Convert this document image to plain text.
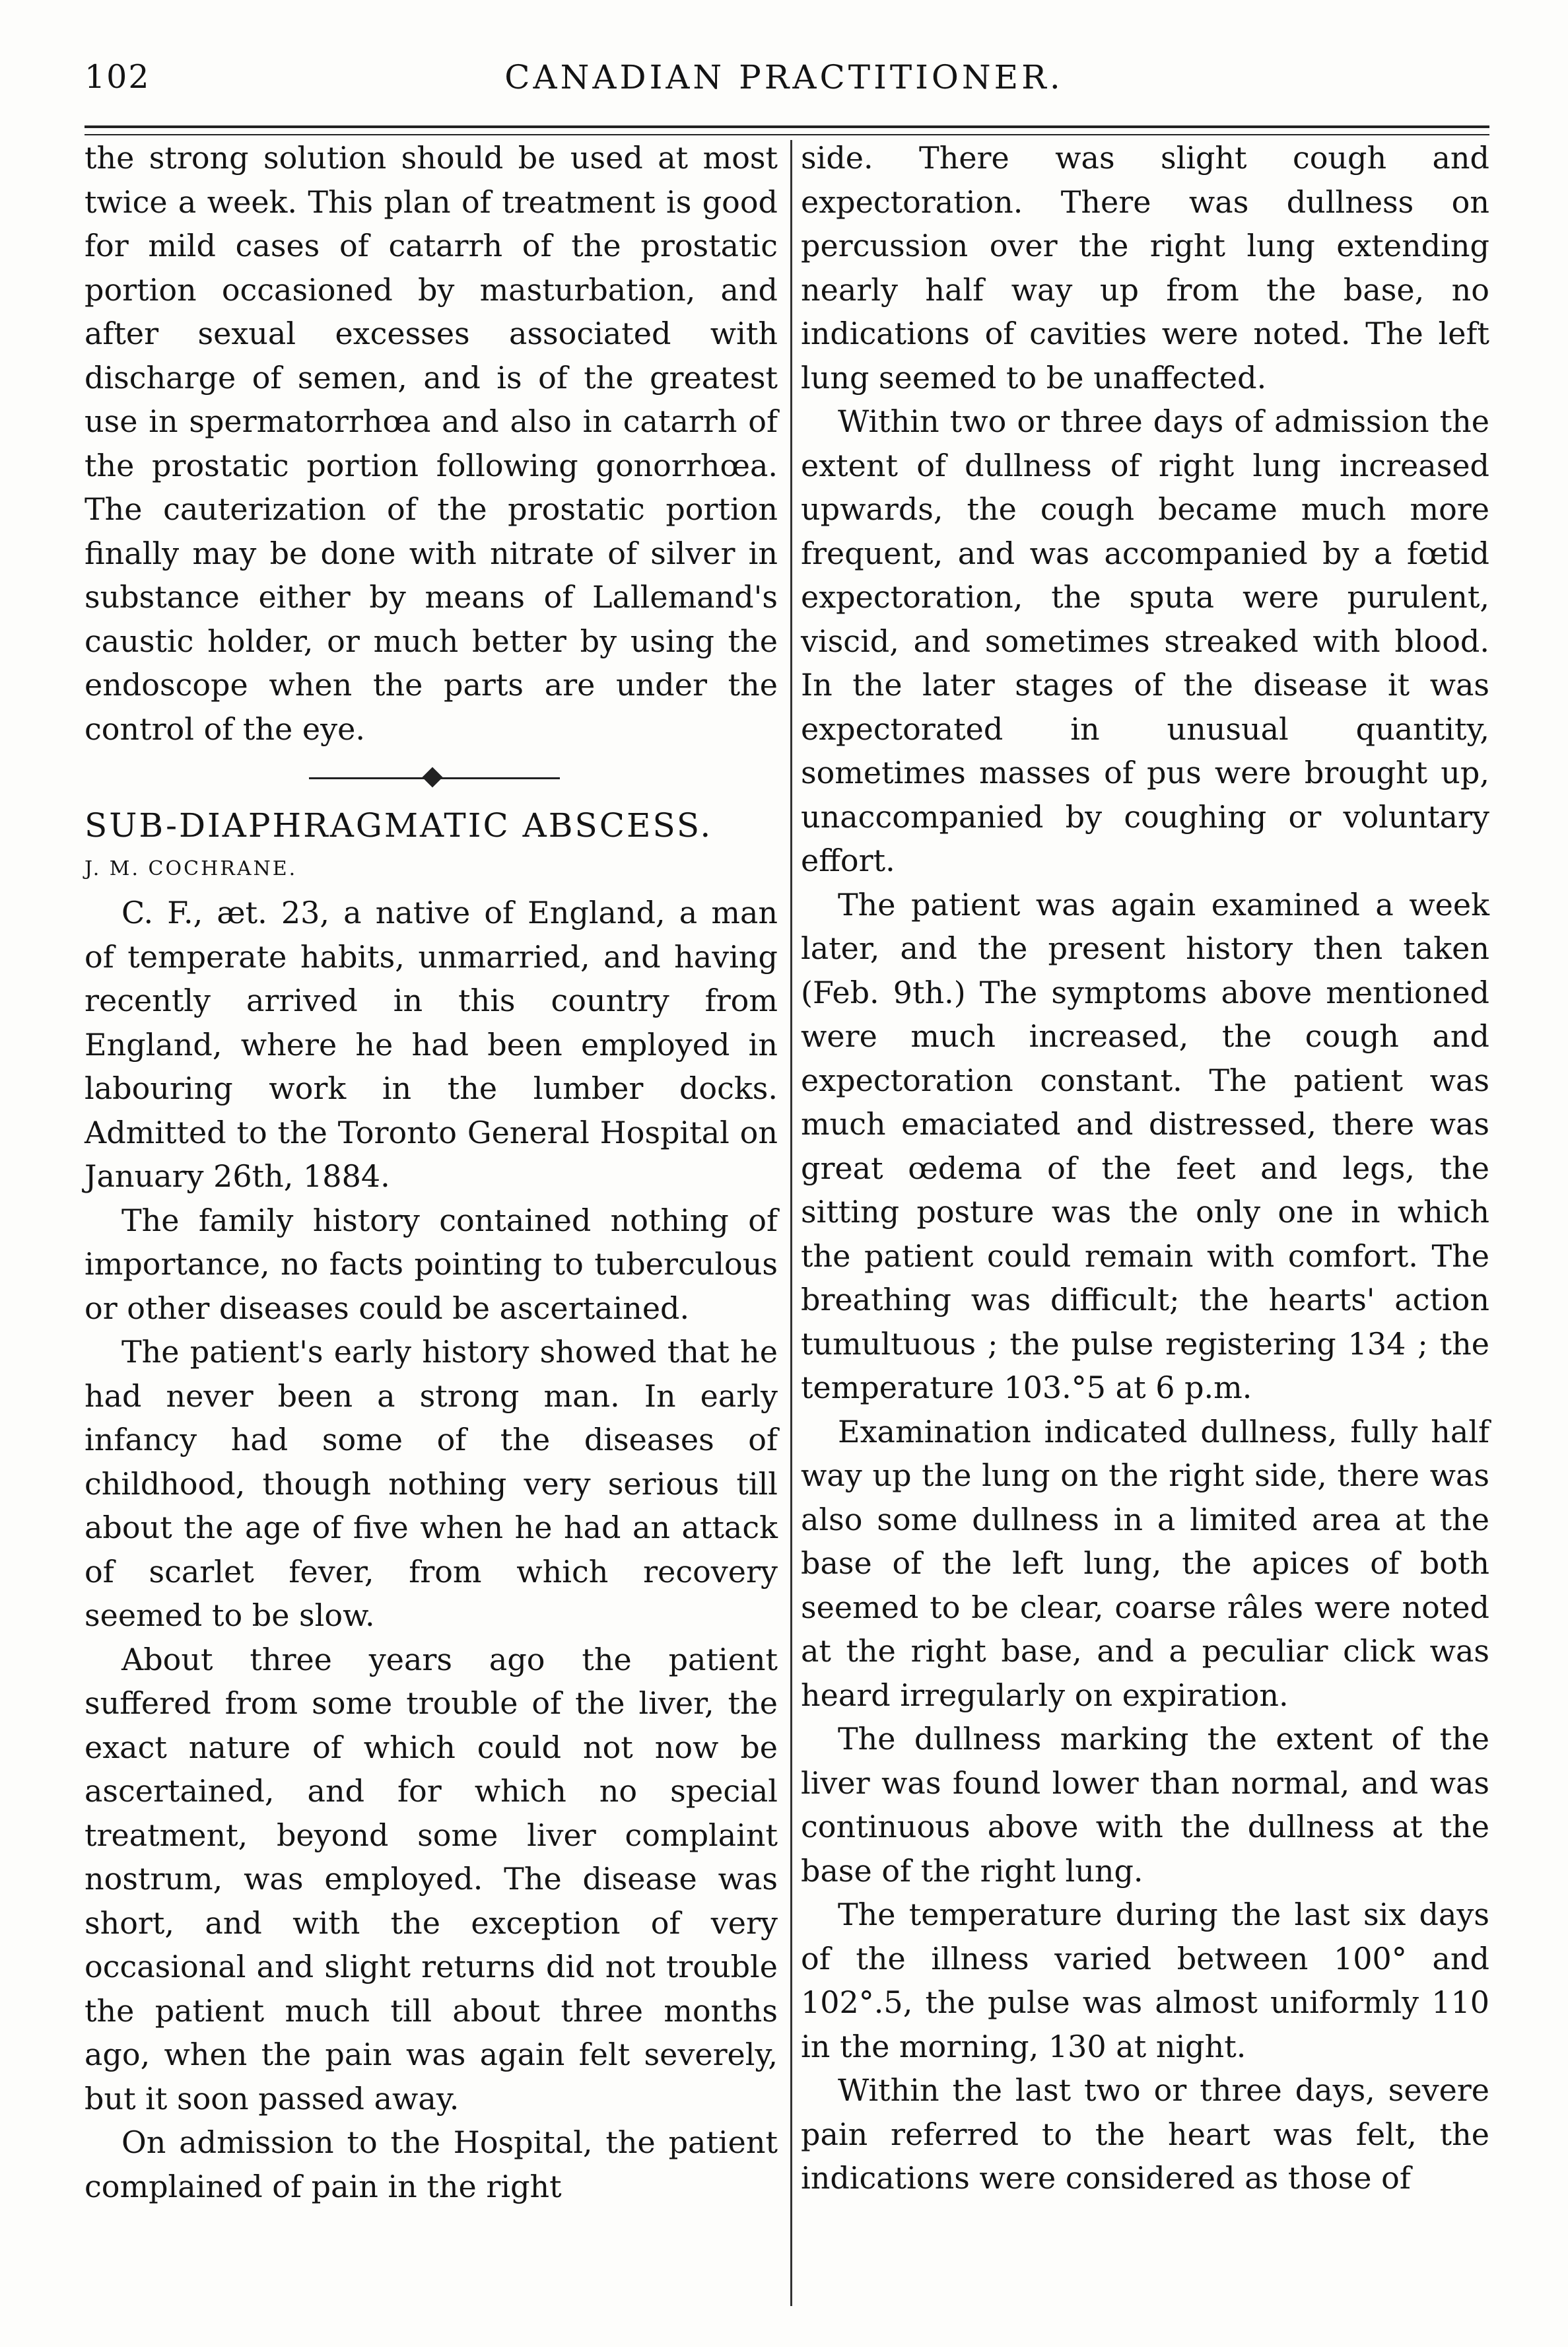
102	CANADIAN PRACTITIONER.

the strong solution should be used at most twice a week. This plan of treatment is good for mild cases of catarrh of the prostatic portion occasioned by masturbation, and after sexual excesses associated with discharge of semen, and is of the greatest use in spermatorrhœa and also in catarrh of the prostatic portion following gonorrhœa. The cauterization of the prostatic portion finally may be done with nitrate of silver in substance either by means of Lallemand's caustic holder, or much better by using the endoscope when the parts are under the control of the eye.

SUB-DIAPHRAGMATIC ABSCESS.

J. M. COCHRANE.

C. F., æt. 23, a native of England, a man of temperate habits, unmarried, and having recently arrived in this country from England, where he had been employed in labouring work in the lumber docks. Admitted to the Toronto General Hospital on January 26th, 1884.

The family history contained nothing of importance, no facts pointing to tuberculous or other diseases could be ascertained.

The patient's early history showed that he had never been a strong man. In early infancy had some of the diseases of childhood, though nothing very serious till about the age of five when he had an attack of scarlet fever, from which recovery seemed to be slow.

About three years ago the patient suffered from some trouble of the liver, the exact nature of which could not now be ascertained, and for which no special treatment, beyond some liver complaint nostrum, was employed. The disease was short, and with the exception of very occasional and slight returns did not trouble the patient much till about three months ago, when the pain was again felt severely, but it soon passed away.

On admission to the Hospital, the patient complained of pain in the right

side. There was slight cough and expectoration. There was dullness on percussion over the right lung extending nearly half way up from the base, no indications of cavities were noted. The left lung seemed to be unaffected.

Within two or three days of admission the extent of dullness of right lung increased upwards, the cough became much more frequent, and was accompanied by a fœtid expectoration, the sputa were purulent, viscid, and sometimes streaked with blood. In the later stages of the disease it was expectorated in unusual quantity, sometimes masses of pus were brought up, unaccompanied by coughing or voluntary effort.

The patient was again examined a week later, and the present history then taken (Feb. 9th.) The symptoms above mentioned were much increased, the cough and expectoration constant. The patient was much emaciated and distressed, there was great œdema of the feet and legs, the sitting posture was the only one in which the patient could remain with comfort. The breathing was difficult; the hearts' action tumultuous ; the pulse registering 134 ; the temperature 103.°5 at 6 p.m.

Examination indicated dullness, fully half way up the lung on the right side, there was also some dullness in a limited area at the base of the left lung, the apices of both seemed to be clear, coarse râles were noted at the right base, and a peculiar click was heard irregularly on expiration.

The dullness marking the extent of the liver was found lower than normal, and was continuous above with the dullness at the base of the right lung.

The temperature during the last six days of the illness varied between 100° and 102°.5, the pulse was almost uniformly 110 in the morning, 130 at night.

Within the last two or three days, severe pain referred to the heart was felt, the indications were considered as those of
